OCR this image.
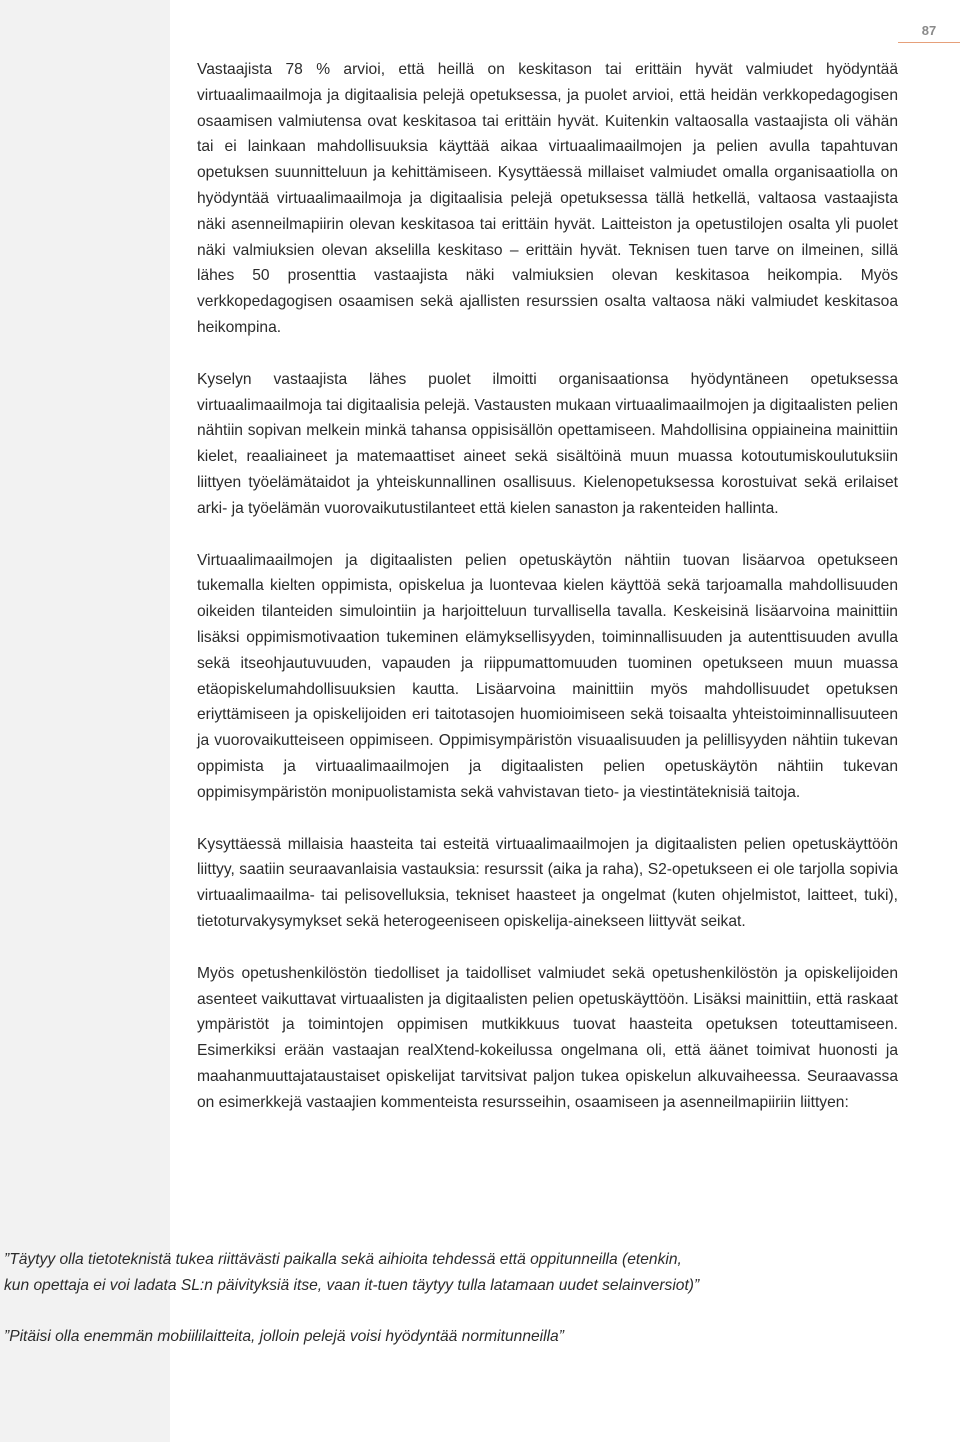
87

Vastaajista 78 % arvioi, että heillä on keskitason tai erittäin hyvät valmiudet hyödyntää virtuaalimaailmoja ja digitaalisia pelejä opetuksessa, ja puolet arvioi, että heidän verkkopedagogisen osaamisen valmiutensa ovat keskitasoa tai erittäin hyvät. Kuitenkin valtaosalla vastaajista oli vähän tai ei lainkaan mahdollisuuksia käyttää aikaa virtuaalimaailmojen ja pelien avulla tapahtuvan opetuksen suunnitteluun ja kehittämiseen. Kysyttäessä millaiset valmiudet omalla organisaatiolla on hyödyntää virtuaalimaailmoja ja digitaalisia pelejä opetuksessa tällä hetkellä, valtaosa vastaajista näki asenneilmapiirin olevan keskitasoa tai erittäin hyvät. Laitteiston ja opetustilojen osalta yli puolet näki valmiuksien olevan akselilla keskitaso – erittäin hyvät. Teknisen tuen tarve on ilmeinen, sillä lähes 50 prosenttia vastaajista näki valmiuksien olevan keskitasoa heikompia. Myös verkkopedagogisen osaamisen sekä ajallisten resurssien osalta valtaosa näki valmiudet keskitasoa heikompina.

Kyselyn vastaajista lähes puolet ilmoitti organisaationsa hyödyntäneen opetuksessa virtuaalimaailmoja tai digitaalisia pelejä. Vastausten mukaan virtuaalimaailmojen ja digitaalisten pelien nähtiin sopivan melkein minkä tahansa oppisisällön opettamiseen. Mahdollisina oppiaineina mainittiin kielet, reaaliaineet ja matemaattiset aineet sekä sisältöinä muun muassa kotoutumiskoulutuksiin liittyen työelämätaidot ja yhteiskunnallinen osallisuus. Kielenopetuksessa korostuivat sekä erilaiset arki- ja työelämän vuorovaikutustilanteet että kielen sanaston ja rakenteiden hallinta.

Virtuaalimaailmojen ja digitaalisten pelien opetuskäytön nähtiin tuovan lisäarvoa opetukseen tukemalla kielten oppimista, opiskelua ja luontevaa kielen käyttöä sekä tarjoamalla mahdollisuuden oikeiden tilanteiden simulointiin ja harjoitteluun turvallisella tavalla. Keskeisinä lisäarvoina mainittiin lisäksi oppimismotivaation tukeminen elämyksellisyyden, toiminnallisuuden ja autenttisuuden avulla sekä itseohjautuvuuden, vapauden ja riippumattomuuden tuominen opetukseen muun muassa etäopiskelumahdollisuuksien kautta. Lisäarvoina mainittiin myös mahdollisuudet opetuksen eriyttämiseen ja opiskelijoiden eri taitotasojen huomioimiseen sekä toisaalta yhteistoiminnallisuuteen ja vuorovaikutteiseen oppimiseen. Oppimisympäristön visuaalisuuden ja pelillisyyden nähtiin tukevan oppimista ja virtuaalimaailmojen ja digitaalisten pelien opetuskäytön nähtiin tukevan oppimisympäristön monipuolistamista sekä vahvistavan tieto- ja viestintäteknisiä taitoja.

Kysyttäessä millaisia haasteita tai esteitä virtuaalimaailmojen ja digitaalisten pelien opetuskäyttöön liittyy, saatiin seuraavanlaisia vastauksia: resurssit (aika ja raha), S2-opetukseen ei ole tarjolla sopivia virtuaalimaailma- tai pelisovelluksia, tekniset haasteet ja ongelmat (kuten ohjelmistot, laitteet, tuki), tietoturvakysymykset sekä heterogeeniseen opiskelija-ainekseen liittyvät seikat.

Myös opetushenkilöstön tiedolliset ja taidolliset valmiudet sekä opetushenkilöstön ja opiskelijoiden asenteet vaikuttavat virtuaalisten ja digitaalisten pelien opetuskäyttöön. Lisäksi mainittiin, että raskaat ympäristöt ja toimintojen oppimisen mutkikkuus tuovat haasteita opetuksen toteuttamiseen. Esimerkiksi erään vastaajan realXtend-kokeilussa ongelmana oli, että äänet toimivat huonosti ja maahanmuuttajataustaiset opiskelijat tarvitsivat paljon tukea opiskelun alkuvaiheessa. Seuraavassa on esimerkkejä vastaajien kommenteista resursseihin, osaamiseen ja asenneilmapiiriin liittyen:

”Täytyy olla tietoteknistä tukea riittävästi paikalla sekä aihioita tehdessä että oppitunneilla (etenkin, kun opettaja ei voi ladata SL:n päivityksiä itse, vaan it-tuen täytyy tulla latamaan uudet selainversiot)”

”Pitäisi olla enemmän mobiililaitteita, jolloin pelejä voisi hyödyntää normitunneilla”
